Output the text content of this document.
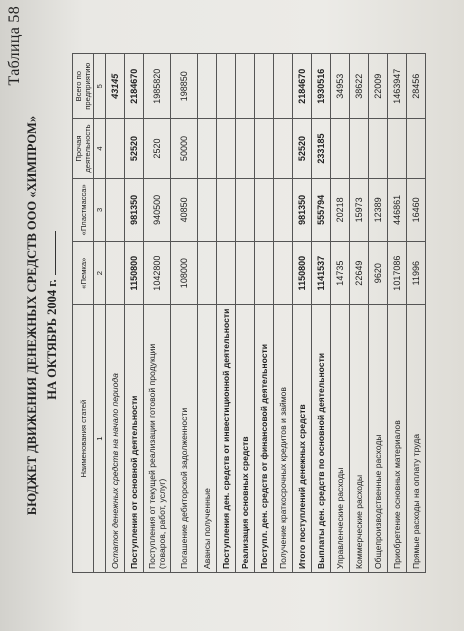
Таблица 58
БЮДЖЕТ ДВИЖЕНИЯ ДЕНЕЖНЫХ СРЕДСТВ ООО «ХИМПРОМ» НА ОКТЯБРЬ 2004 г.
Наименования статей	«Пемка»	«Пластмасса»	Прочая деятельность	Всего по предприятию
1	2	3	4	5
Остаток денежных средств на начало периода				43145
Поступления от основной деятельности	1150800	981350	52520	2184670
Поступления от текущей реализации готовой продукции (товаров, работ, услуг)	1042800	940500	2520	1985820
Погашение дебиторской задолженности	108000	40850	50000	198850
Авансы полученные				
Поступления ден. средств от инвестиционной деятельности				
Реализация основных средств				
Поступл. ден. средств от финансовой деятельности				
Получение краткосрочных кредитов и займов				
Итого поступлений денежных средств	1150800	981350	52520	2184670
Выплаты ден. средств по основной деятельности	1141537	555794	233185	1930516
Управленческие расходы	14735	20218		34953
Коммерческие расходы	22649	15973		38622
Общепроизводственные расходы	9620	12389		22009
Приобретение основных материалов	1017086	446861		1463947
Прямые расходы на оплату труда	11996	16460		28456
